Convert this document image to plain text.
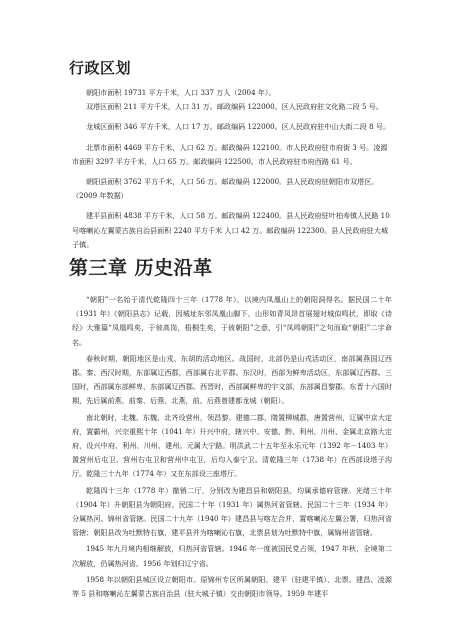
行政区划

朝阳市面积 19731 平方千米，人口 337 万人（2004 年）。

双塔区面积 211 平方千米，人口 31 万。邮政编码 122000。区人民政府驻文化路二段 5 号。

龙城区面积 346 平方千米，人口 17 万。邮政编码 122000。区人民政府驻中山大街二段 8 号。

北票市面积 4469 平方千米，人口 62 万。邮政编码 122100。市人民政府驻市府街 3 号。凌源市面积 3297 平方千米，人口 65 万。邮政编码 122500。市人民政府驻市府西路 61 号。

朝阳县面积 3762 平方千米，人口 56 万。邮政编码 122000。县人民政府驻朝阳市双塔区。（2009 年数据）

建平县面积 4838 平方千米，人口 58 万。邮政编码 122400。县人民政府驻叶柏寿镇人民路 10 号喀喇沁左翼蒙古族自治县面积 2240 平方千米 人口 42 万。邮政编码 122300。县人民政府驻大城子镇。

第三章 历史沿革

“朝阳”一名始于清代乾隆四十三年（1778 年），以境内凤凰山上的朝阳洞得名。据民国二十年（1931 年）《朝阳县志》记载，因城址东邻凤凰山脚下，山形如青凤昂首展翅对城似鸣状，即取《诗经》大雅篇“凤凰鸣矣，于彼高岗，梧桐生矣，于彼朝阳”之意，引“凤鸣朝阳”之句而取“朝阳”二字命名。

春秋时期，朝阳地区是山戎、东胡的活动地区。战国时，北部仍是山戎活动区，南部属燕国辽西郡。秦、西汉时期，东部属辽西郡，西部属右北平郡。东汉时，西部为鲜卑活动区，东部属辽西郡。三国时，西部属东部鲜卑，东部属辽西郡。西晋时，西部属鲜卑的宇文部，东部属昌黎郡。东晋十六国时期，先后属前燕、前秦、后燕、北燕，前、后燕曾建都龙城（朝阳）。

南北朝时，北魏、东魏、北齐设营州，领昌黎、建德二郡，隋置柳城郡，唐置营州，辽属中京大定府，置霸州，兴宗重熙十年（1041 年）升兴中府，辖兴中、安德、黔、利州、川州、金属北京路大定府，设兴中府、利州、川州、建州。元属大宁路。明洪武二十五年至永乐元年（1392 年－1403 年）置营州后屯卫、营州右屯卫和营州中屯卫，后均入泰宁卫。清乾隆三年（1738 年）在西部设塔子沟厅。乾隆三十九年（1774 年）又在东部设三座塔厅。

乾隆四十三年（1778 年）撤销二厅，分别改为建昌县和朝阳县，均属承德府管辖。光绪三十年（1904 年）升朝阳县为朝阳府。民国二十年（1931 年）属热河省管辖。民国二十三年（1934 年）分属热河、锦州省管辖。民国二十九年（1940 年）建昌县与喀左合并，置喀喇沁左翼公署，归热河省管辖；朝阳县改为吐默特右旗，建平县并为喀喇沁右旗，北票县划为吐默特中旗，属锦州省管辖。

1945 年九月境内相继解放，归热河省管辖。1946 年一度被国民党占领，1947 年秋，全境第二次解放，仍属热河省。1956 年划归辽宁省。

1958 年以朝阳县城区设立朝阳市。原锦州专区所属朝阳、建平（驻建平镇）、北票、建昌、凌源等 5 县和喀喇沁左翼蒙古族自治县（驻大城子镇）交由朝阳市领导。1959 年建平
